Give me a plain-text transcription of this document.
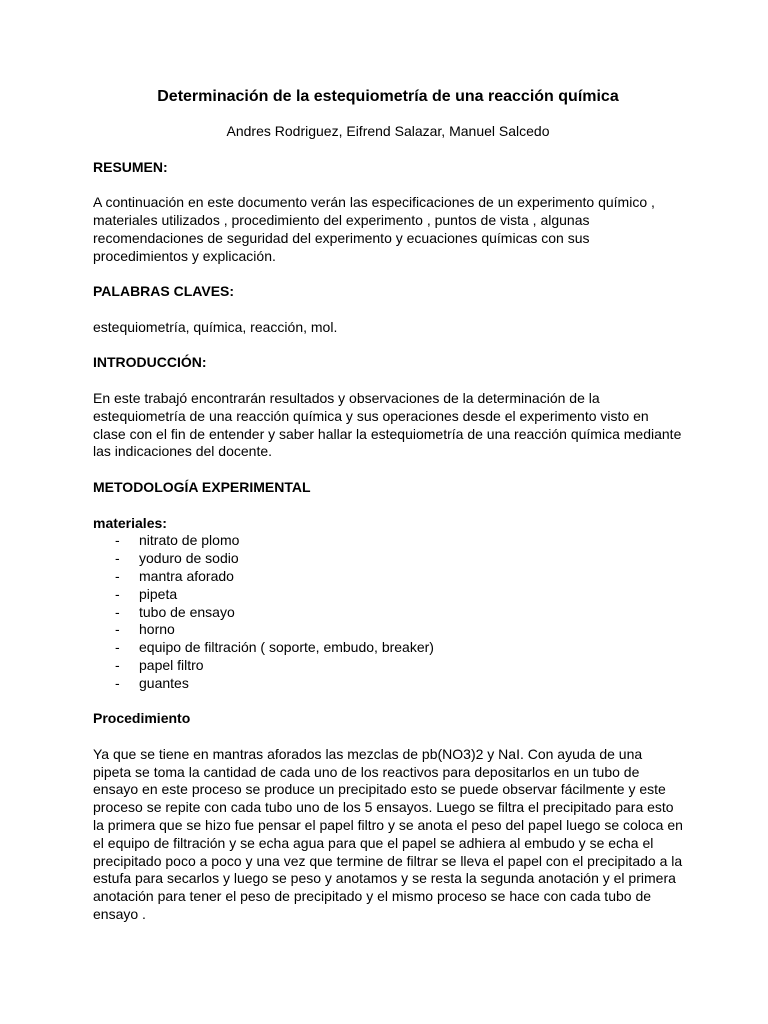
Determinación de la estequiometría de una reacción química

Andres Rodriguez, Eifrend Salazar, Manuel Salcedo

RESUMEN:

A continuación en este documento verán las especificaciones de un experimento químico , materiales utilizados , procedimiento del experimento , puntos de vista , algunas recomendaciones de seguridad del experimento y ecuaciones químicas con sus procedimientos y explicación.

PALABRAS CLAVES:

estequiometría, química, reacción, mol.

INTRODUCCIÓN:

En este trabajó encontrarán resultados y observaciones de la determinación de la estequiometría de una reacción química y sus operaciones desde el experimento visto en clase con el fin de entender y saber hallar la estequiometría de una reacción química mediante las indicaciones del docente.

METODOLOGÍA EXPERIMENTAL

materiales:

- nitrato de plomo
- yoduro de sodio
- mantra aforado
- pipeta
- tubo de ensayo
- horno
- equipo de filtración ( soporte, embudo, breaker)
- papel filtro
- guantes

Procedimiento

Ya que se tiene en mantras aforados las mezclas de pb(NO3)2 y NaI. Con ayuda de una pipeta se toma la cantidad de cada uno de los reactivos para depositarlos en un tubo de ensayo en este proceso se produce un precipitado esto se puede observar fácilmente y este proceso se repite con cada tubo uno de los 5 ensayos. Luego se filtra el precipitado para esto la primera que se hizo fue pensar el papel filtro y se anota el peso del papel luego se coloca en el equipo de filtración y se echa agua para que el papel se adhiera al embudo y se echa el precipitado poco a poco y una vez que termine de filtrar se lleva el papel con el precipitado a la estufa para secarlos y luego se peso y anotamos y se resta la segunda anotación y el primera anotación para tener el peso de precipitado y el mismo proceso se hace con cada tubo de ensayo .
